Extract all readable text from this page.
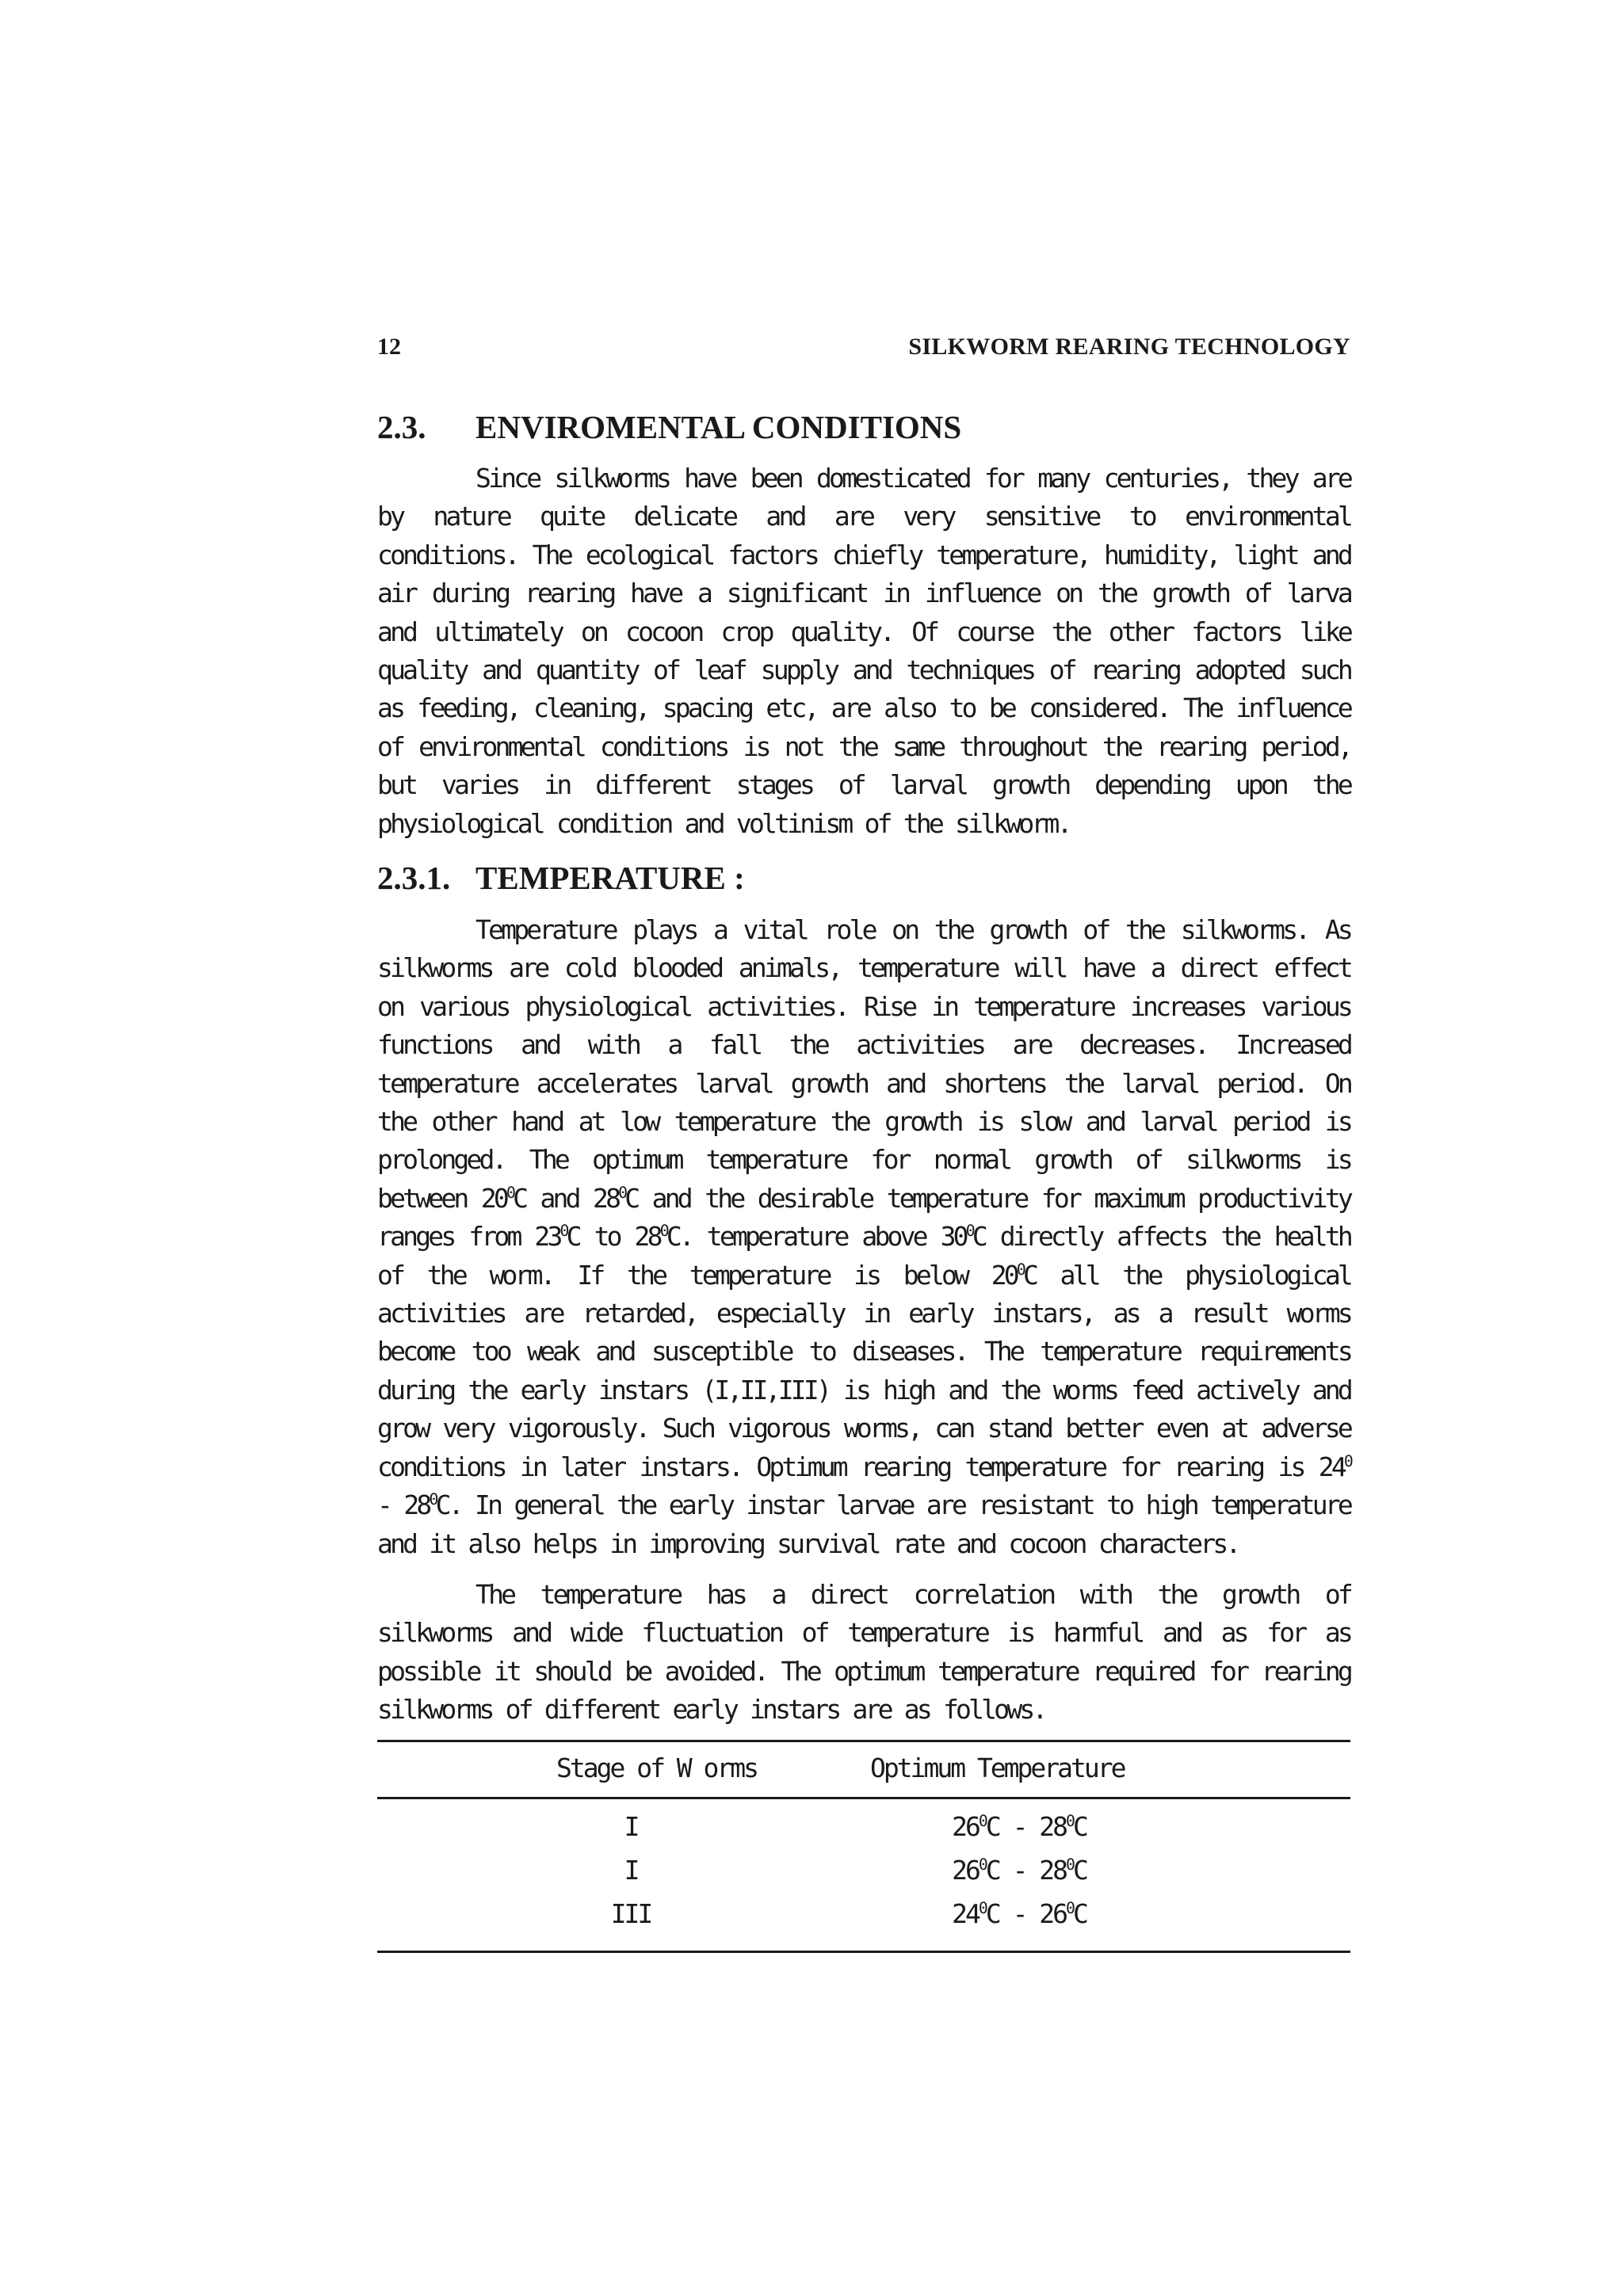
12	SILKWORM REARING TECHNOLOGY
2.3. ENVIROMENTAL CONDITIONS

Since silkworms have been domesticated for many centuries, they are by nature quite delicate and are very sensitive to environmental conditions. The ecological factors chiefly temperature, humidity, light and air during rearing have a significant in influence on the growth of larva and ultimately on cocoon crop quality. Of course the other factors like quality and quantity of leaf supply and techniques of rearing adopted such as feeding, cleaning, spacing etc, are also to be considered. The influence of environmental conditions is not the same throughout the rearing period, but varies in different stages of larval growth depending upon the physiological condition and voltinism of the silkworm.

2.3.1. TEMPERATURE :

Temperature plays a vital role on the growth of the silkworms. As silkworms are cold blooded animals, temperature will have a direct effect on various physiological activities. Rise in temperature increases various functions and with a fall the activities are decreases. Increased temperature accelerates larval growth and shortens the larval period. On the other hand at low temperature the growth is slow and larval period is prolonged. The optimum temperature for normal growth of silkworms is between $20^0C$ and $28^0C$ and the desirable temperature for maximum productivity ranges from $23^0C$ to $28^0C$. temperature above $30^0C$ directly affects the health of the worm. If the temperature is below $20^0C$ all the physiological activities are retarded, especially in early instars, as a result worms become too weak and susceptible to diseases. The temperature requirements during the early instars (I,II,III) is high and the worms feed actively and grow very vigorously. Such vigorous worms, can stand better even at adverse conditions in later instars. Optimum rearing temperature for rearing is $24^0 - 28^0C$. In general the early instar larvae are resistant to high temperature and it also helps in improving survival rate and cocoon characters.

The temperature has a direct correlation with the growth of silkworms and wide fluctuation of temperature is harmful and as for as possible it should be avoided. The optimum temperature required for rearing silkworms of different early instars are as follows.

Stage of W orms	Optimum Temperature
I	$26^0C - 28^0C$
I	$26^0C - 28^0C$
III	$24^0C - 26^0C$
